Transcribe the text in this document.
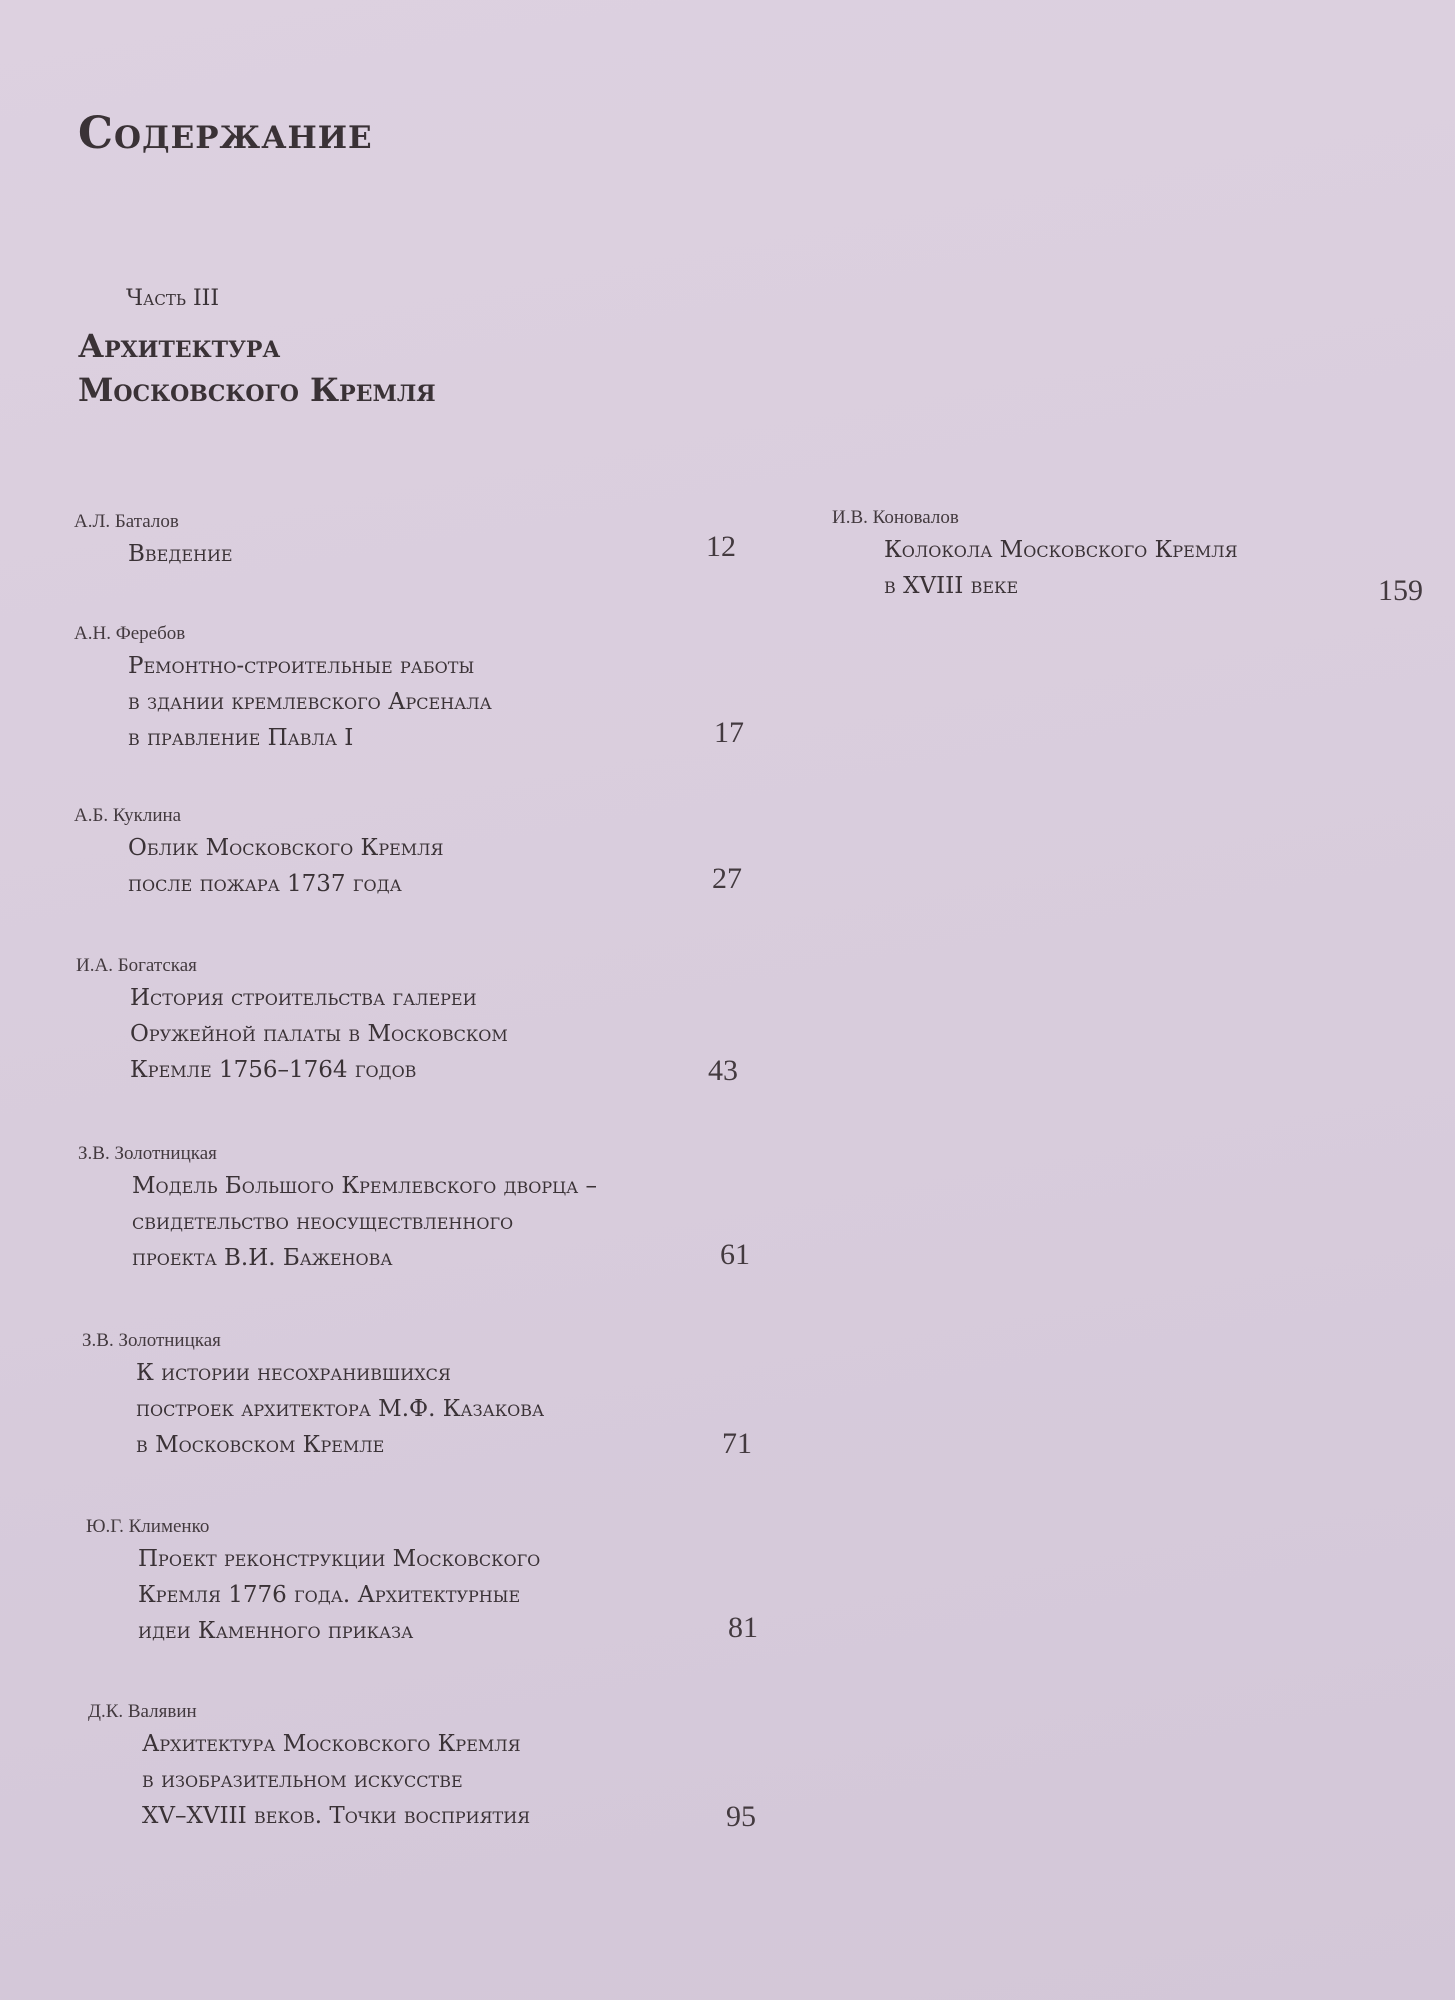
Содержание

Часть III

Архитектура
Московского Кремля

А.Л. Баталов

Введение	12

А.Н. Феребов

Ремонтно-строительные работы
в здании кремлевского Арсенала
в правление Павла I	17

А.Б. Куклина

Облик Московского Кремля
после пожара 1737 года	27

И.А. Богатская

История строительства галереи
Оружейной палаты в Московском
Кремле 1756–1764 годов	43

З.В. Золотницкая

Модель Большого Кремлевского дворца –
свидетельство неосуществленного
проекта В.И. Баженова	61

З.В. Золотницкая

К истории несохранившихся
построек архитектора М.Ф. Казакова
в Московском Кремле	71

Ю.Г. Клименко

Проект реконструкции Московского
Кремля 1776 года. Архитектурные
идеи Каменного приказа	81

Д.К. Валявин

Архитектура Московского Кремля
в изобразительном искусстве
XV–XVIII веков. Точки восприятия	95

И.В. Коновалов

Колокола Московского Кремля
в XVIII веке	159
